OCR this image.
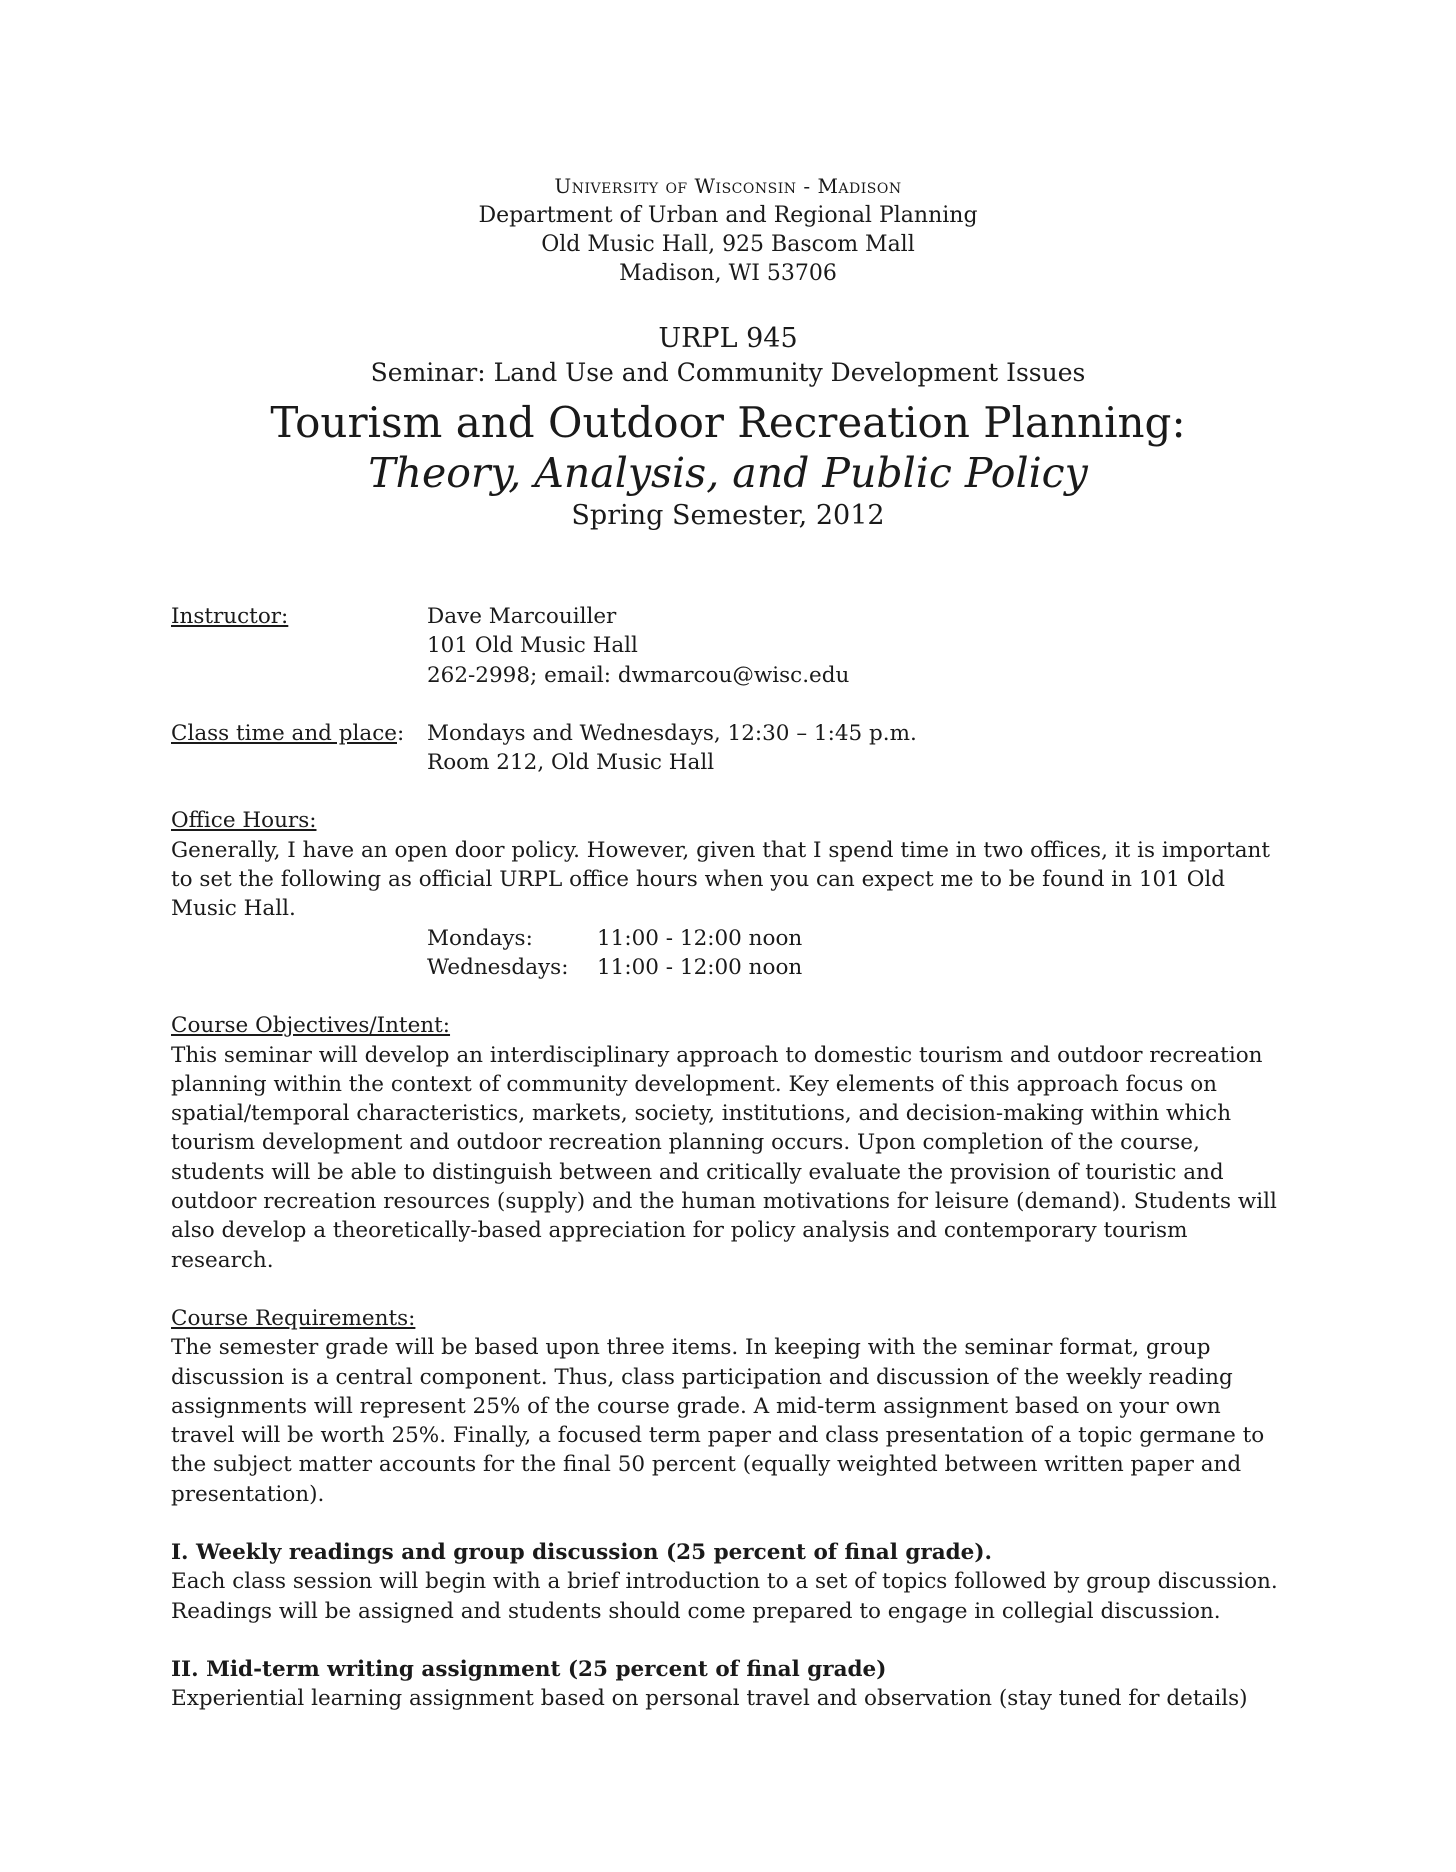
University of Wisconsin - Madison
Department of Urban and Regional Planning
Old Music Hall, 925 Bascom Mall
Madison, WI 53706
URPL 945
Seminar: Land Use and Community Development Issues
Tourism and Outdoor Recreation Planning:
Theory, Analysis, and Public Policy
Spring Semester, 2012
Instructor:	Dave Marcouiller
101 Old Music Hall
262-2998; email: dwmarcou@wisc.edu
Class time and place:	Mondays and Wednesdays, 12:30 – 1:45 p.m.
Room 212, Old Music Hall
Office Hours:

Generally, I have an open door policy. However, given that I spend time in two offices, it is important to set the following as official URPL office hours when you can expect me to be found in 101 Old Music Hall.

Mondays:	11:00 - 12:00 noon
Wednesdays:	11:00 - 12:00 noon
Course Objectives/Intent:

This seminar will develop an interdisciplinary approach to domestic tourism and outdoor recreation planning within the context of community development. Key elements of this approach focus on spatial/temporal characteristics, markets, society, institutions, and decision-making within which tourism development and outdoor recreation planning occurs. Upon completion of the course, students will be able to distinguish between and critically evaluate the provision of touristic and outdoor recreation resources (supply) and the human motivations for leisure (demand). Students will also develop a theoretically-based appreciation for policy analysis and contemporary tourism research.

Course Requirements:

The semester grade will be based upon three items. In keeping with the seminar format, group discussion is a central component. Thus, class participation and discussion of the weekly reading assignments will represent 25% of the course grade. A mid-term assignment based on your own travel will be worth 25%. Finally, a focused term paper and class presentation of a topic germane to the subject matter accounts for the final 50 percent (equally weighted between written paper and presentation).

I. Weekly readings and group discussion (25 percent of final grade).

Each class session will begin with a brief introduction to a set of topics followed by group discussion. Readings will be assigned and students should come prepared to engage in collegial discussion.

II. Mid-term writing assignment (25 percent of final grade)

Experiential learning assignment based on personal travel and observation (stay tuned for details)
